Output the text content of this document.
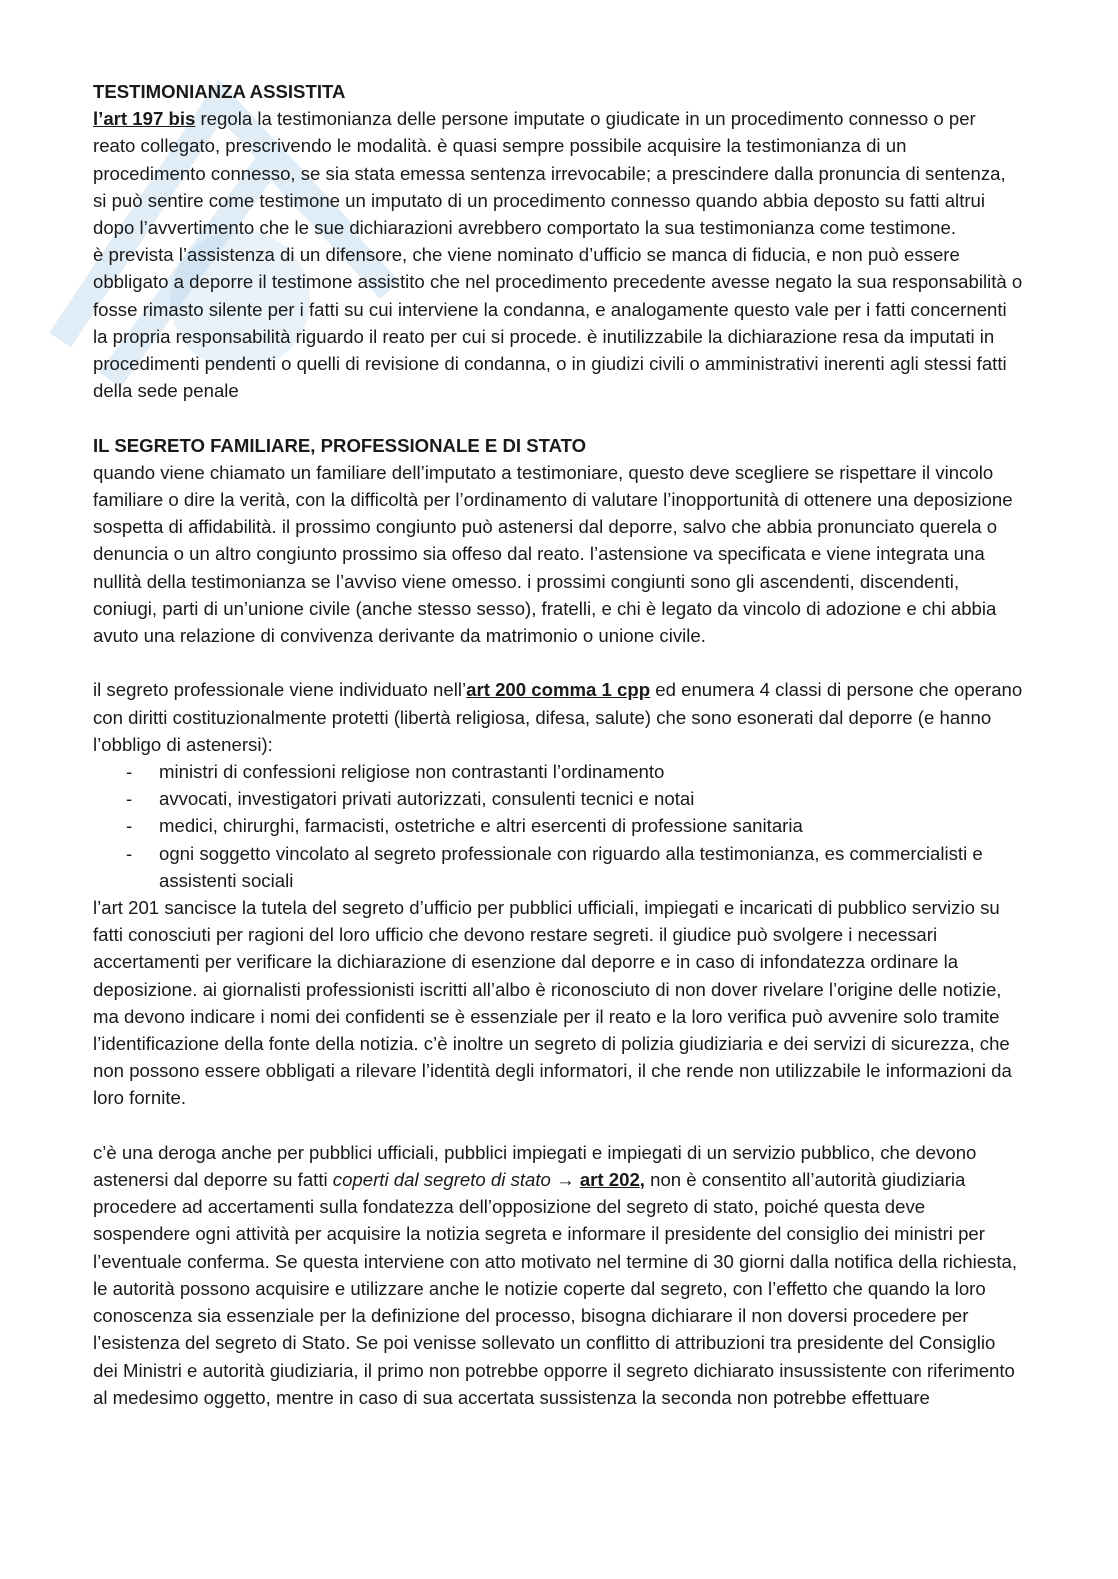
TESTIMONIANZA ASSISTITA

l’art 197 bis regola la testimonianza delle persone imputate o giudicate in un procedimento connesso o per reato collegato, prescrivendo le modalità. è quasi sempre possibile acquisire la testimonianza di un procedimento connesso, se sia stata emessa sentenza irrevocabile; a prescindere dalla pronuncia di sentenza, si può sentire come testimone un imputato di un procedimento connesso quando abbia deposto su fatti altrui dopo l’avvertimento che le sue dichiarazioni avrebbero comportato la sua testimonianza come testimone.

è prevista l’assistenza di un difensore, che viene nominato d’ufficio se manca di fiducia, e non può essere obbligato a deporre il testimone assistito che nel procedimento precedente avesse negato la sua responsabilità o fosse rimasto silente per i fatti su cui interviene la condanna, e analogamente questo vale per i fatti concernenti la propria responsabilità riguardo il reato per cui si procede. è inutilizzabile la dichiarazione resa da imputati in procedimenti pendenti o quelli di revisione di condanna, o in giudizi civili o amministrativi inerenti agli stessi fatti della sede penale

IL SEGRETO FAMILIARE, PROFESSIONALE E DI STATO

quando viene chiamato un familiare dell’imputato a testimoniare, questo deve scegliere se rispettare il vincolo familiare o dire la verità, con la difficoltà per l’ordinamento di valutare l’inopportunità di ottenere una deposizione sospetta di affidabilità. il prossimo congiunto può astenersi dal deporre, salvo che abbia pronunciato querela o denuncia o un altro congiunto prossimo sia offeso dal reato. l’astensione va specificata e viene integrata una nullità della testimonianza se l’avviso viene omesso. i prossimi congiunti sono gli ascendenti, discendenti, coniugi, parti di un’unione civile (anche stesso sesso), fratelli, e chi è legato da vincolo di adozione e chi abbia avuto una relazione di convivenza derivante da matrimonio o unione civile.

il segreto professionale viene individuato nell’art 200 comma 1 cpp ed enumera 4 classi di persone che operano con diritti costituzionalmente protetti (libertà religiosa, difesa, salute) che sono esonerati dal deporre (e hanno l’obbligo di astenersi):

- ministri di confessioni religiose non contrastanti l’ordinamento
- avvocati, investigatori privati autorizzati, consulenti tecnici e notai
- medici, chirurghi, farmacisti, ostetriche e altri esercenti di professione sanitaria
- ogni soggetto vincolato al segreto professionale con riguardo alla testimonianza, es commercialisti e assistenti sociali

l’art 201 sancisce la tutela del segreto d’ufficio per pubblici ufficiali, impiegati e incaricati di pubblico servizio su fatti conosciuti per ragioni del loro ufficio che devono restare segreti. il giudice può svolgere i necessari accertamenti per verificare la dichiarazione di esenzione dal deporre e in caso di infondatezza ordinare la deposizione. ai giornalisti professionisti iscritti all’albo è riconosciuto di non dover rivelare l’origine delle notizie, ma devono indicare i nomi dei confidenti se è essenziale per il reato e la loro verifica può avvenire solo tramite l’identificazione della fonte della notizia. c’è inoltre un segreto di polizia giudiziaria e dei servizi di sicurezza, che non possono essere obbligati a rilevare l’identità degli informatori, il che rende non utilizzabile le informazioni da loro fornite.

c’è una deroga anche per pubblici ufficiali, pubblici impiegati e impiegati di un servizio pubblico, che devono astenersi dal deporre su fatti coperti dal segreto di stato → art 202, non è consentito all’autorità giudiziaria procedere ad accertamenti sulla fondatezza dell’opposizione del segreto di stato, poiché questa deve sospendere ogni attività per acquisire la notizia segreta e informare il presidente del consiglio dei ministri per l’eventuale conferma. Se questa interviene con atto motivato nel termine di 30 giorni dalla notifica della richiesta, le autorità possono acquisire e utilizzare anche le notizie coperte dal segreto, con l’effetto che quando la loro conoscenza sia essenziale per la definizione del processo, bisogna dichiarare il non doversi procedere per l’esistenza del segreto di Stato. Se poi venisse sollevato un conflitto di attribuzioni tra presidente del Consiglio dei Ministri e autorità giudiziaria, il primo non potrebbe opporre il segreto dichiarato insussistente con riferimento al medesimo oggetto, mentre in caso di sua accertata sussistenza la seconda non potrebbe effettuare
